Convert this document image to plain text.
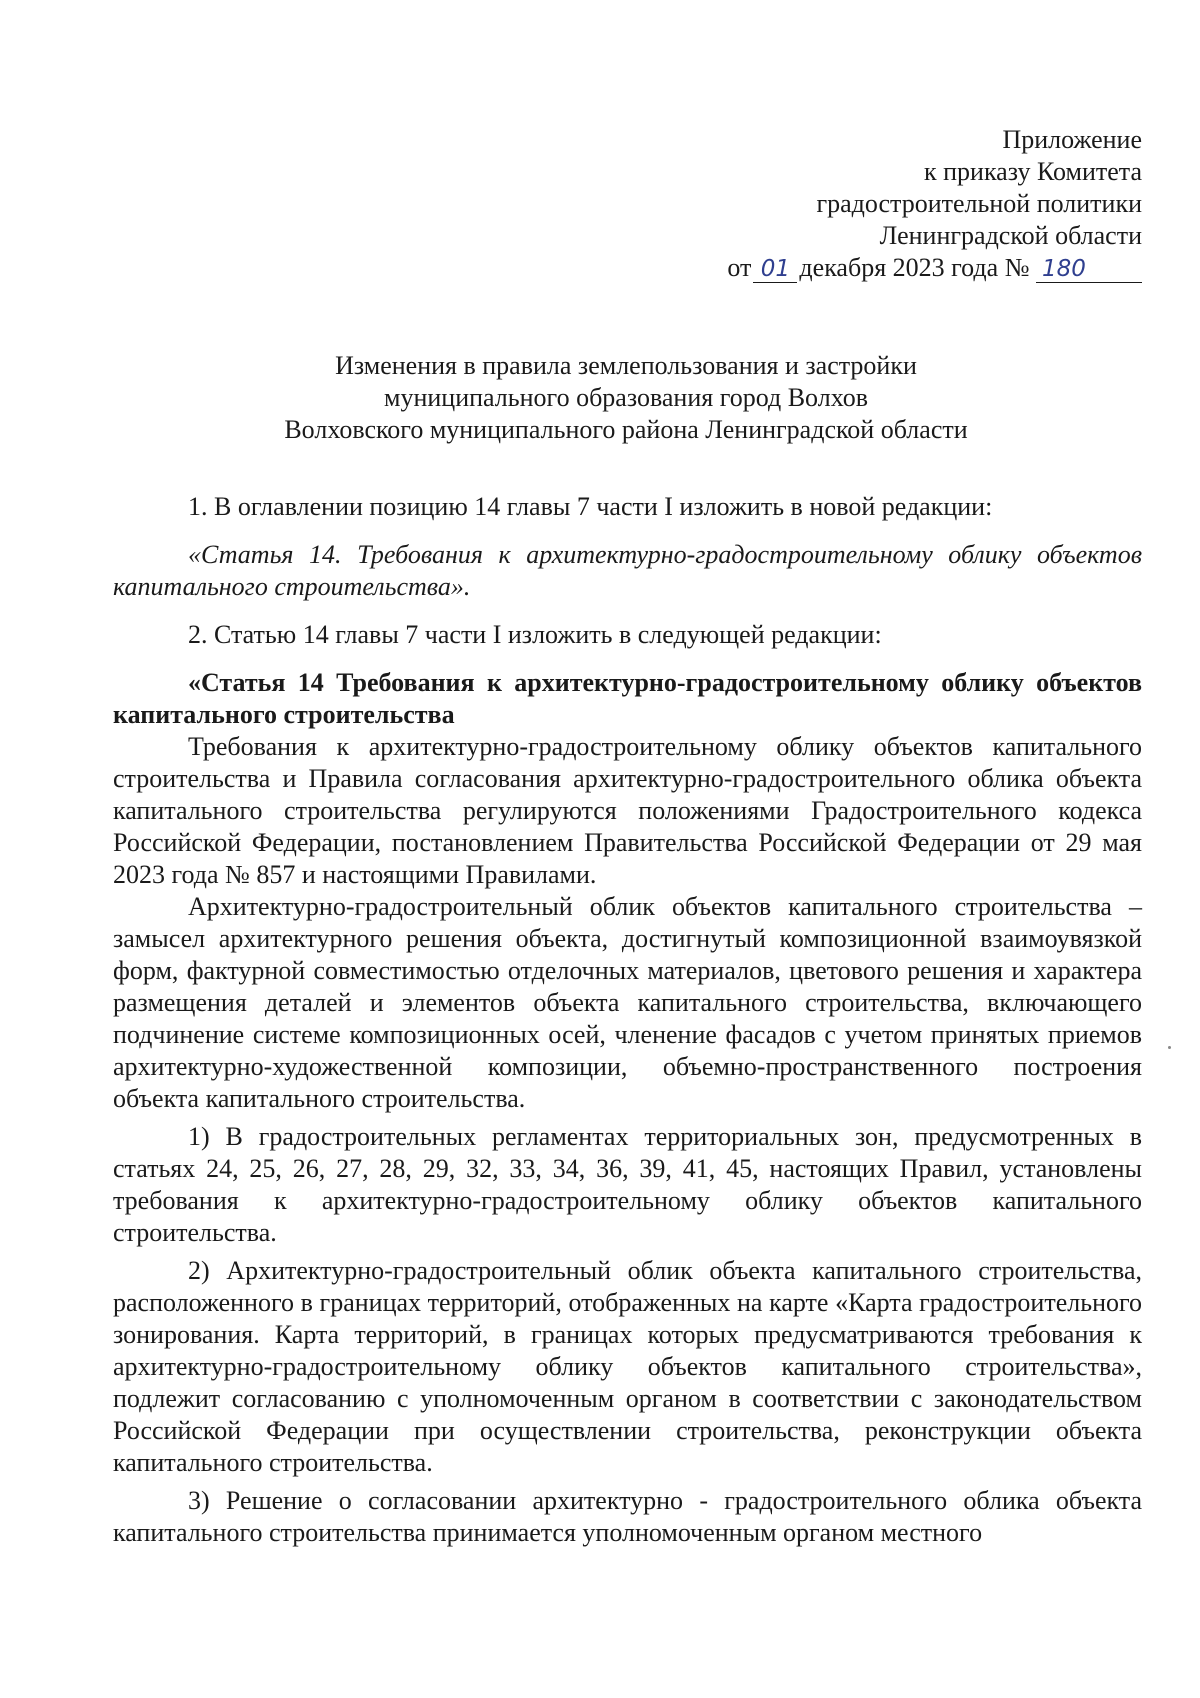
Приложение
к приказу Комитета
градостроительной политики
Ленинградской области
от 01 декабря 2023 года № 180
Изменения в правила землепользования и застройки
муниципального образования город Волхов
Волховского муниципального района Ленинградской области

1. В оглавлении позицию 14 главы 7 части I изложить в новой редакции:

«Статья 14. Требования к архитектурно-градостроительному облику объектов капитального строительства».

2. Статью 14 главы 7 части I изложить в следующей редакции:

«Статья 14 Требования к архитектурно-градостроительному облику объектов капитального строительства

Требования к архитектурно-градостроительному облику объектов капитального строительства и Правила согласования архитектурно-градостроительного облика объекта капитального строительства регулируются положениями Градостроительного кодекса Российской Федерации, постановлением Правительства Российской Федерации от 29 мая 2023 года № 857 и настоящими Правилами.

Архитектурно-градостроительный облик объектов капитального строительства – замысел архитектурного решения объекта, достигнутый композиционной взаимоувязкой форм, фактурной совместимостью отделочных материалов, цветового решения и характера размещения деталей и элементов объекта капитального строительства, включающего подчинение системе композиционных осей, членение фасадов с учетом принятых приемов архитектурно-художественной композиции, объемно-пространственного построения объекта капитального строительства.

1) В градостроительных регламентах территориальных зон, предусмотренных в статьях 24, 25, 26, 27, 28, 29, 32, 33, 34, 36, 39, 41, 45, настоящих Правил, установлены требования к архитектурно-градостроительному облику объектов капитального строительства.

2) Архитектурно-градостроительный облик объекта капитального строительства, расположенного в границах территорий, отображенных на карте «Карта градостроительного зонирования. Карта территорий, в границах которых предусматриваются требования к архитектурно-градостроительному облику объектов капитального строительства», подлежит согласованию с уполномоченным органом в соответствии с законодательством Российской Федерации при осуществлении строительства, реконструкции объекта капитального строительства.

3) Решение о согласовании архитектурно - градостроительного облика объекта капитального строительства принимается уполномоченным органом местного
